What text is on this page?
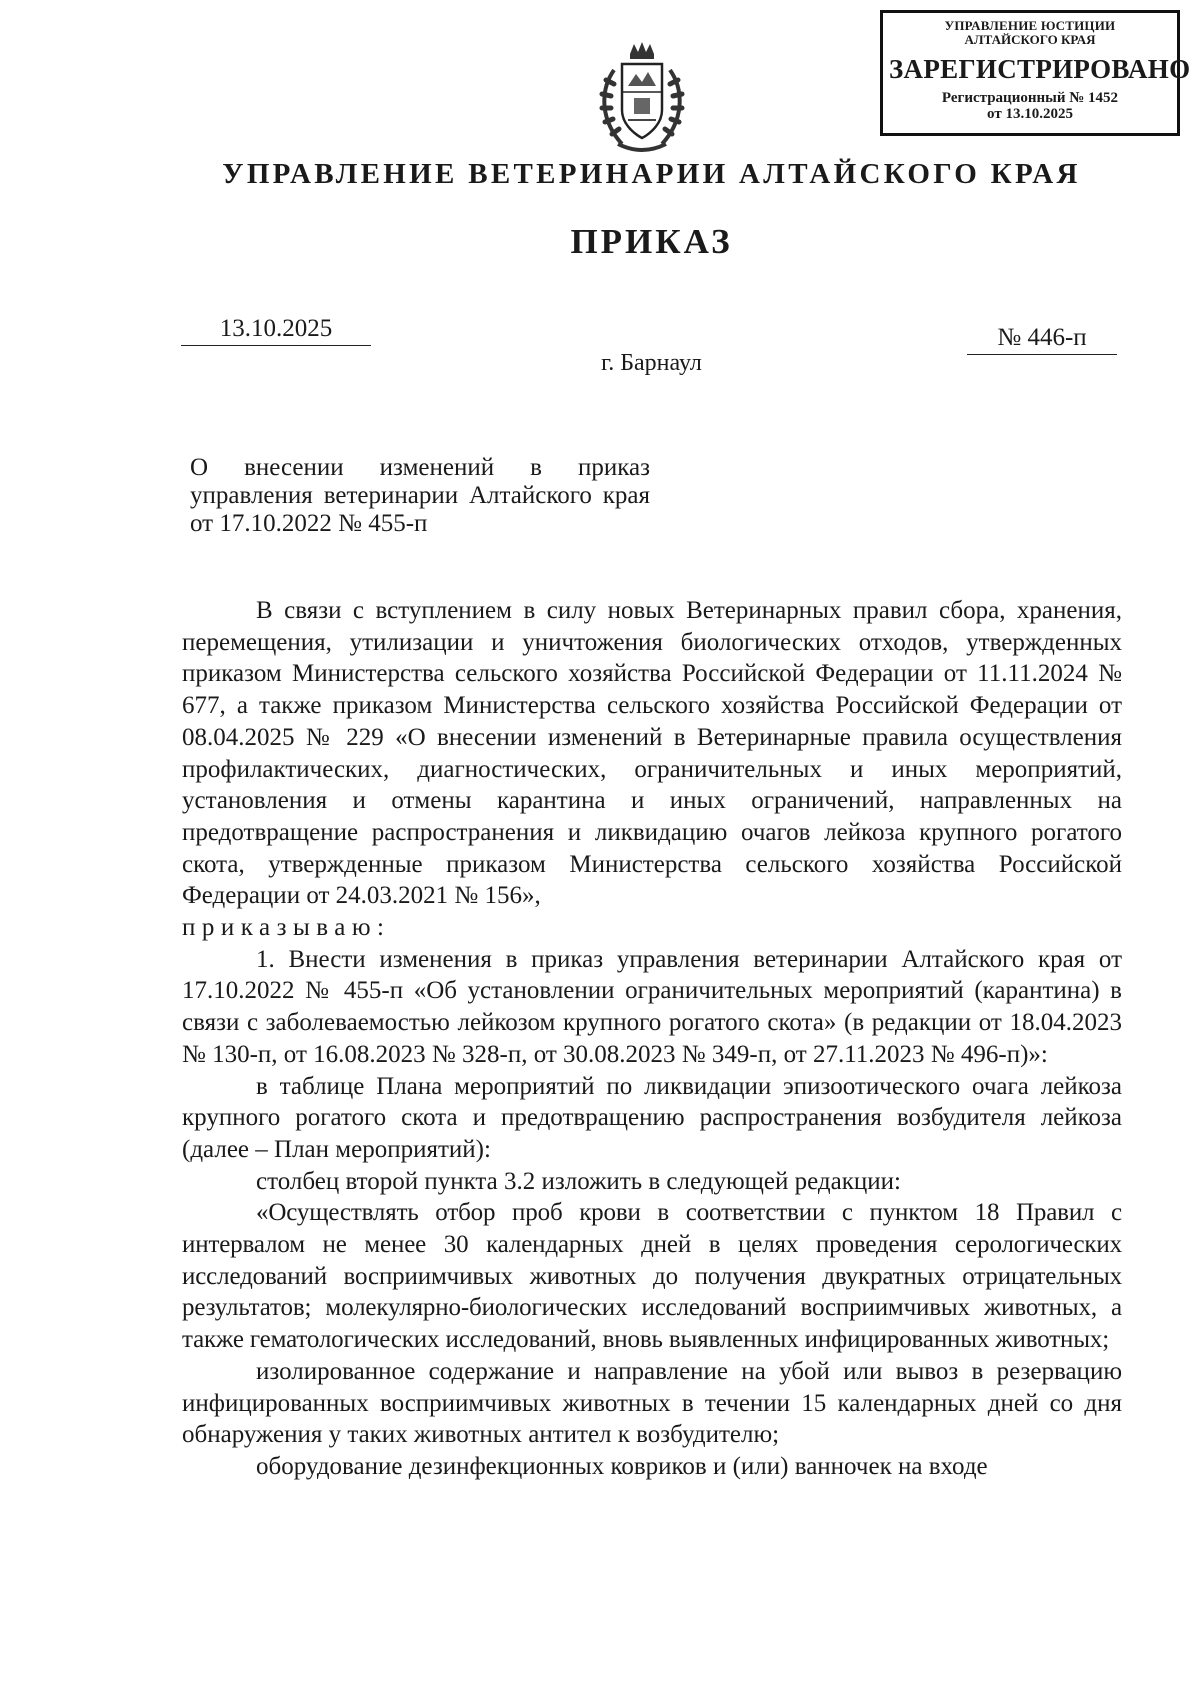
УПРАВЛЕНИЕ ЮСТИЦИИ
АЛТАЙСКОГО КРАЯ
ЗАРЕГИСТРИРОВАНО
Регистрационный № 1452
от 13.10.2025
УПРАВЛЕНИЕ ВЕТЕРИНАРИИ АЛТАЙСКОГО КРАЯ
ПРИКАЗ
13.10.2025	№ 446-п
г. Барнаул
О внесении изменений в приказ управления ветеринарии Алтайского края от 17.10.2022 № 455-п

В связи с вступлением в силу новых Ветеринарных правил сбора, хранения, перемещения, утилизации и уничтожения биологических отходов, утвержденных приказом Министерства сельского хозяйства Российской Федерации от 11.11.2024 № 677, а также приказом Министерства сельского хозяйства Российской Федерации от 08.04.2025 № 229 «О внесении изменений в Ветеринарные правила осуществления профилактических, диагностических, ограничительных и иных мероприятий, установления и отмены карантина и иных ограничений, направленных на предотвращение распространения и ликвидацию очагов лейкоза крупного рогатого скота, утвержденные приказом Министерства сельского хозяйства Российской Федерации от 24.03.2021 № 156»,

приказываю:

1. Внести изменения в приказ управления ветеринарии Алтайского края от 17.10.2022 № 455-п «Об установлении ограничительных мероприятий (карантина) в связи с заболеваемостью лейкозом крупного рогатого скота» (в редакции от 18.04.2023 № 130-п, от 16.08.2023 № 328-п, от 30.08.2023 № 349-п, от 27.11.2023 № 496-п)»:

в таблице Плана мероприятий по ликвидации эпизоотического очага лейкоза крупного рогатого скота и предотвращению распространения возбудителя лейкоза (далее – План мероприятий):

столбец второй пункта 3.2 изложить в следующей редакции:

«Осуществлять отбор проб крови в соответствии с пунктом 18 Правил с интервалом не менее 30 календарных дней в целях проведения серологических исследований восприимчивых животных до получения двукратных отрицательных результатов; молекулярно-биологических исследований восприимчивых животных, а также гематологических исследований, вновь выявленных инфицированных животных;

изолированное содержание и направление на убой или вывоз в резервацию инфицированных восприимчивых животных в течении 15 календарных дней со дня обнаружения у таких животных антител к возбудителю;

оборудование дезинфекционных ковриков и (или) ванночек на входе
